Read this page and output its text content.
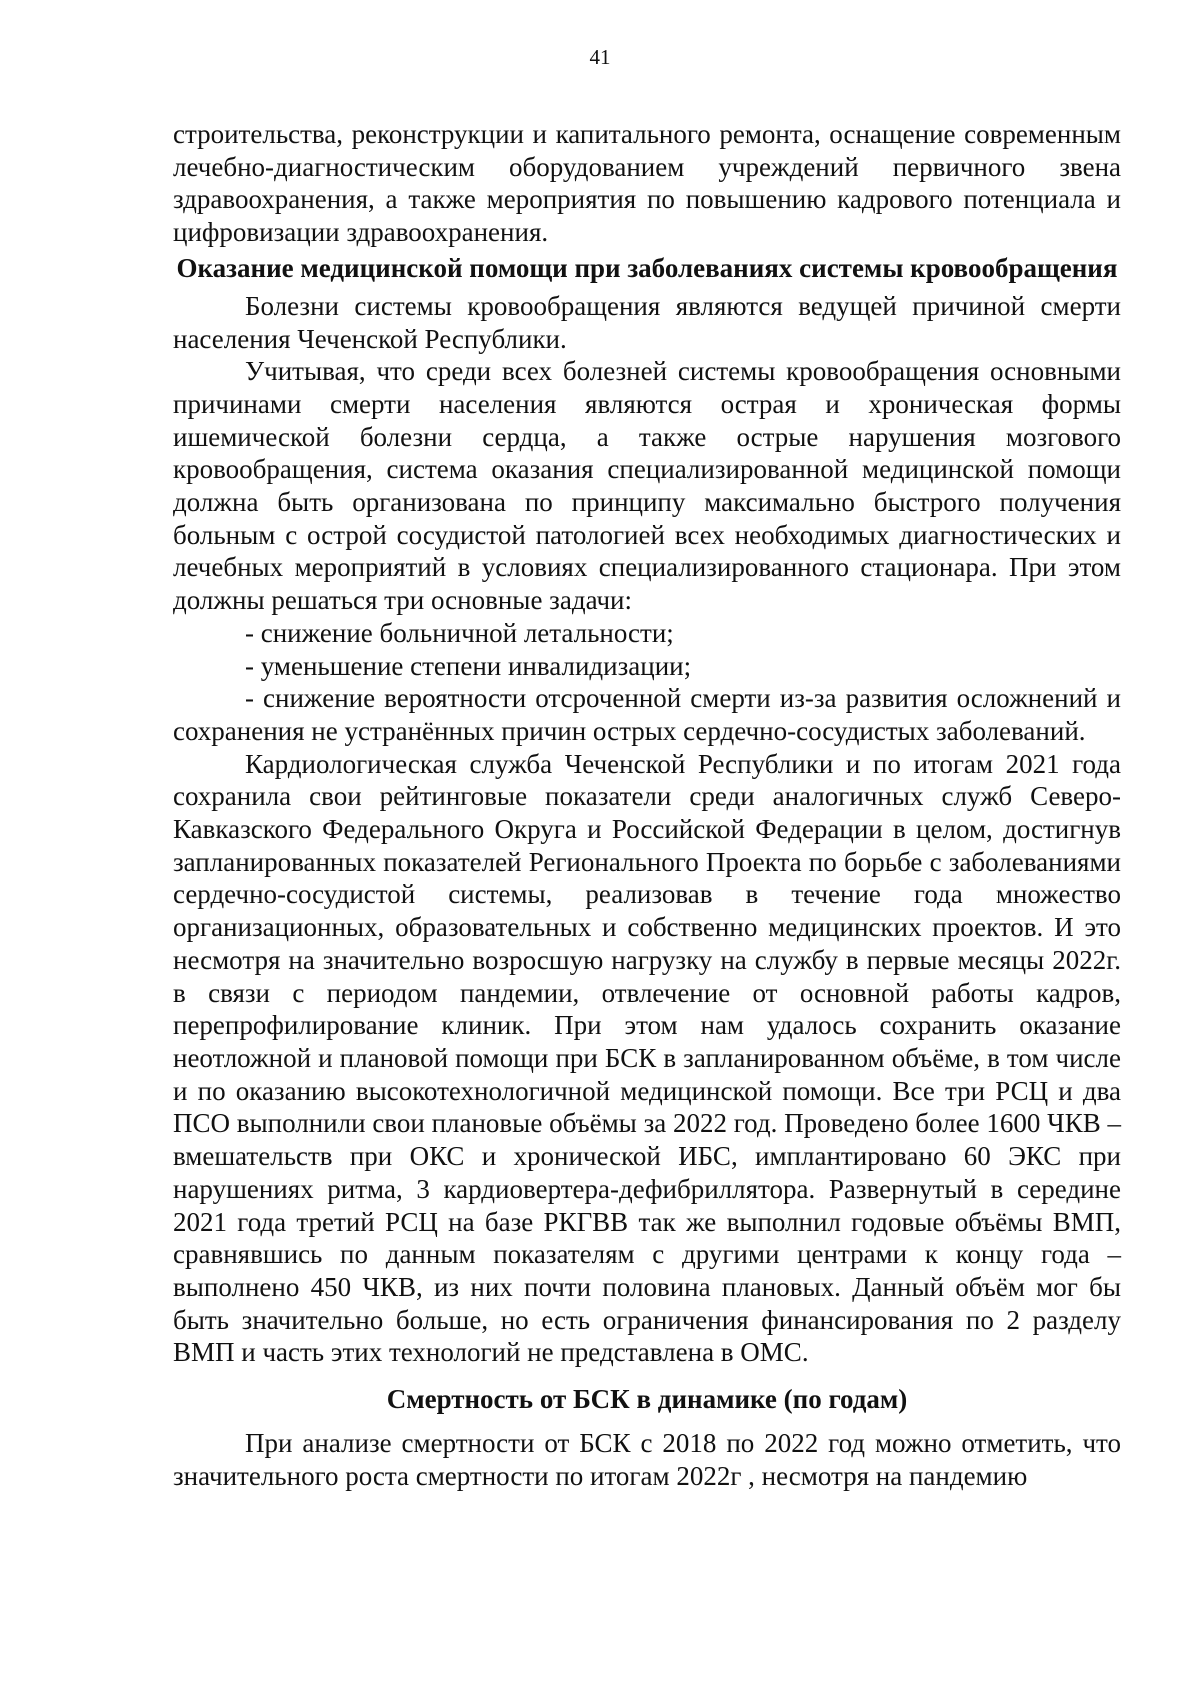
41

строительства, реконструкции и капитального ремонта, оснащение современным лечебно-диагностическим оборудованием учреждений первичного звена здравоохранения, а также мероприятия по повышению кадрового потенциала и цифровизации здравоохранения.

Оказание медицинской помощи при заболеваниях системы кровообращения

Болезни системы кровообращения являются ведущей причиной смерти населения Чеченской Республики.

Учитывая, что среди всех болезней системы кровообращения основными причинами смерти населения являются острая и хроническая формы ишемической болезни сердца, а также острые нарушения мозгового кровообращения, система оказания специализированной медицинской помощи должна быть организована по принципу максимально быстрого получения больным с острой сосудистой патологией всех необходимых диагностических и лечебных мероприятий в условиях специализированного стационара. При этом должны решаться три основные задачи:

- снижение больничной летальности;

- уменьшение степени инвалидизации;

- снижение вероятности отсроченной смерти из-за развития осложнений и сохранения не устранённых причин острых сердечно-сосудистых заболеваний.

Кардиологическая служба Чеченской Республики и по итогам 2021 года сохранила свои рейтинговые показатели среди аналогичных служб Северо-Кавказского Федерального Округа и Российской Федерации в целом, достигнув запланированных показателей Регионального Проекта по борьбе с заболеваниями сердечно-сосудистой системы, реализовав в течение года множество организационных, образовательных и собственно медицинских проектов. И это несмотря на значительно возросшую нагрузку на службу в первые месяцы 2022г. в связи с периодом пандемии, отвлечение от основной работы кадров, перепрофилирование клиник. При этом нам удалось сохранить оказание неотложной и плановой помощи при БСК в запланированном объёме, в том числе и по оказанию высокотехнологичной медицинской помощи. Все три РСЦ и два ПСО выполнили свои плановые объёмы за 2022 год. Проведено более 1600 ЧКВ –вмешательств при ОКС и хронической ИБС, имплантировано 60 ЭКС при нарушениях ритма, 3 кардиовертера-дефибриллятора. Развернутый в середине 2021 года третий РСЦ на базе РКГВВ так же выполнил годовые объёмы ВМП, сравнявшись по данным показателям с другими центрами к концу года – выполнено 450 ЧКВ, из них почти половина плановых. Данный объём мог бы быть значительно больше, но есть ограничения финансирования по 2 разделу ВМП и часть этих технологий не представлена в ОМС.

Смертность от БСК в динамике (по годам)

При анализе смертности от БСК с 2018 по 2022 год можно отметить, что значительного роста смертности по итогам 2022г , несмотря на пандемию
